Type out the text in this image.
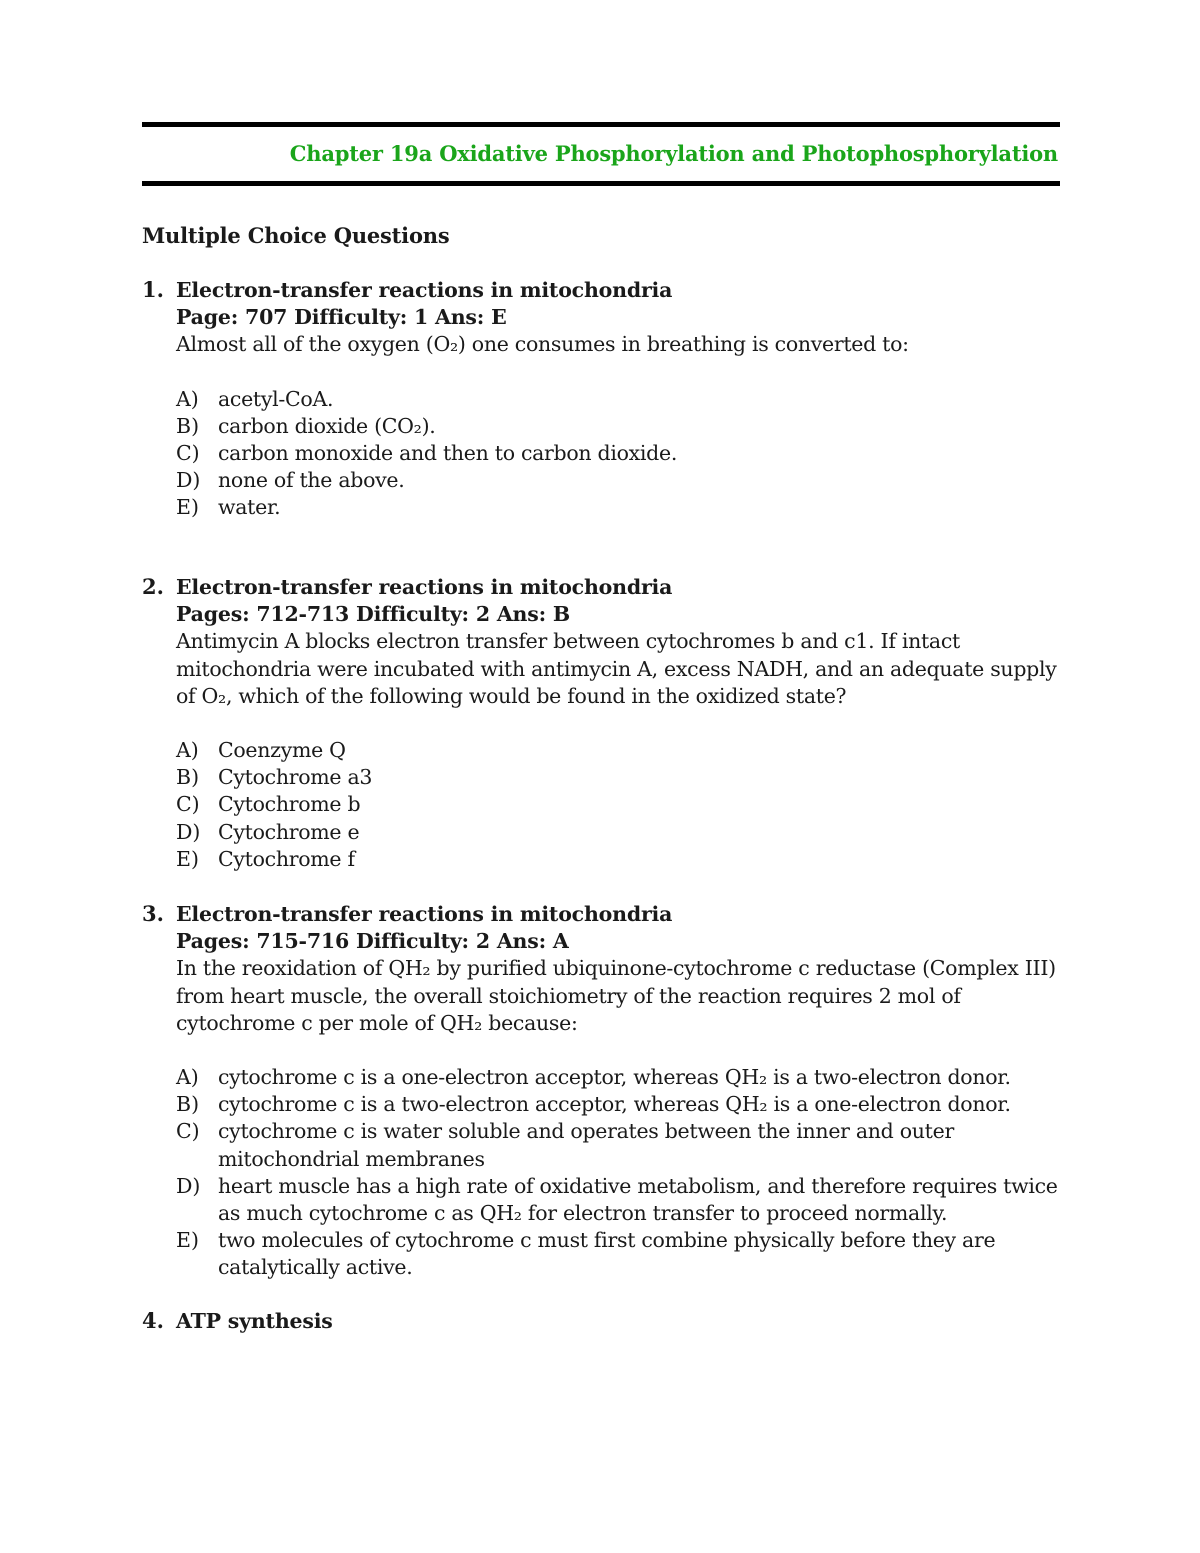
Chapter 19a Oxidative Phosphorylation and Photophosphorylation
Multiple Choice Questions
1. Electron-transfer reactions in mitochondria
Page: 707 Difficulty: 1 Ans: E
Almost all of the oxygen (O₂) one consumes in breathing is converted to:
A) acetyl-CoA.
B) carbon dioxide (CO₂).
C) carbon monoxide and then to carbon dioxide.
D) none of the above.
E) water.
2. Electron-transfer reactions in mitochondria
Pages: 712-713 Difficulty: 2 Ans: B
Antimycin A blocks electron transfer between cytochromes b and c1. If intact mitochondria were incubated with antimycin A, excess NADH, and an adequate supply of O₂, which of the following would be found in the oxidized state?
A) Coenzyme Q
B) Cytochrome a3
C) Cytochrome b
D) Cytochrome e
E) Cytochrome f
3. Electron-transfer reactions in mitochondria
Pages: 715-716 Difficulty: 2 Ans: A
In the reoxidation of QH₂ by purified ubiquinone-cytochrome c reductase (Complex III) from heart muscle, the overall stoichiometry of the reaction requires 2 mol of cytochrome c per mole of QH₂ because:
A) cytochrome c is a one-electron acceptor, whereas QH₂ is a two-electron donor.
B) cytochrome c is a two-electron acceptor, whereas QH₂ is a one-electron donor.
C) cytochrome c is water soluble and operates between the inner and outer mitochondrial membranes
D) heart muscle has a high rate of oxidative metabolism, and therefore requires twice as much cytochrome c as QH₂ for electron transfer to proceed normally.
E) two molecules of cytochrome c must first combine physically before they are catalytically active.
4. ATP synthesis
